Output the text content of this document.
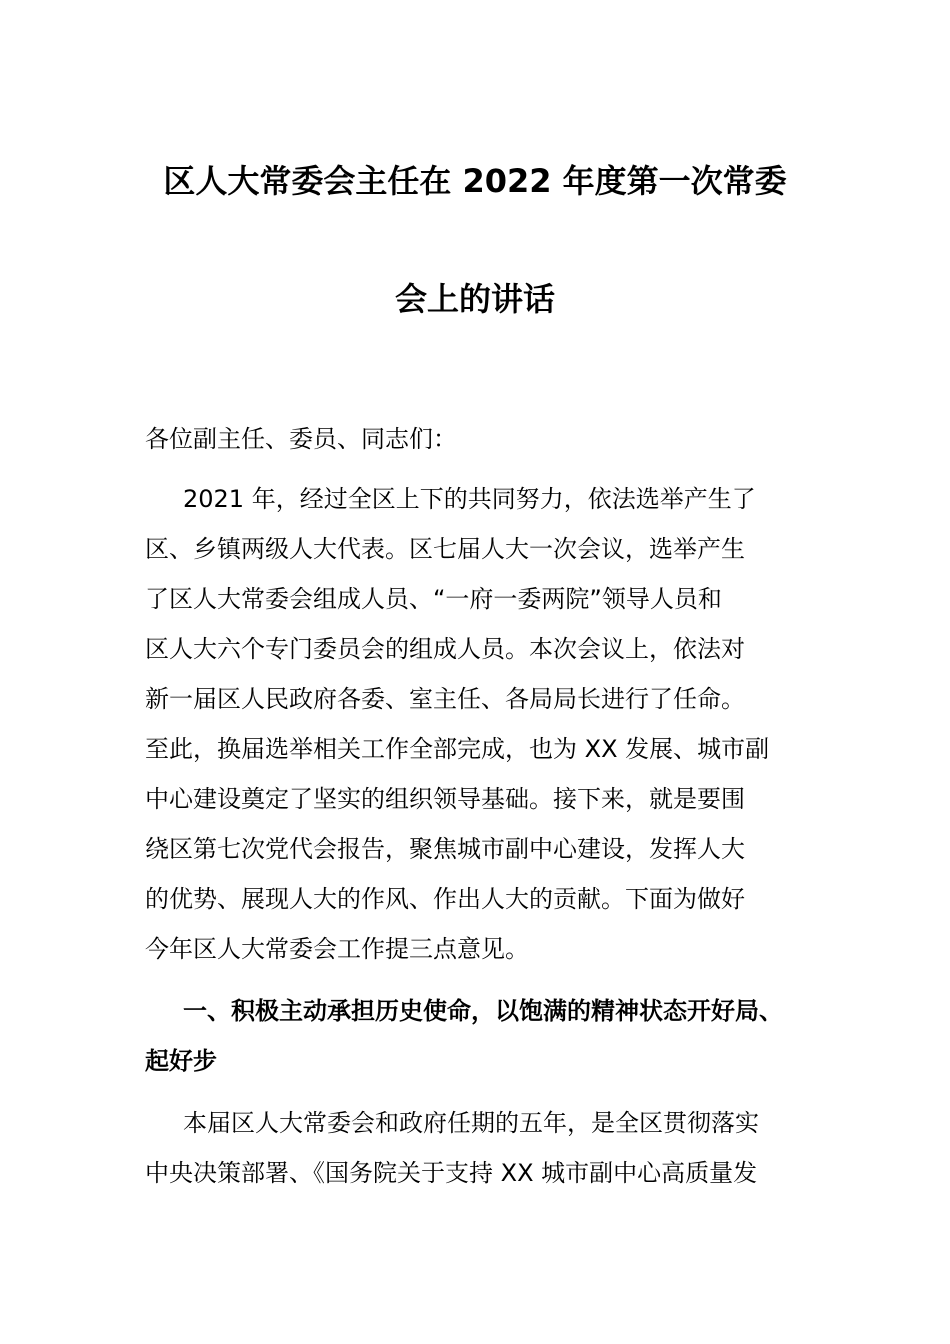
区人大常委会主任在 2022 年度第一次常委
会上的讲话
各位副主任、委员、同志们：
2021 年，经过全区上下的共同努力，依法选举产生了
区、乡镇两级人大代表。区七届人大一次会议，选举产生
了区人大常委会组成人员、“一府一委两院”领导人员和
区人大六个专门委员会的组成人员。本次会议上，依法对
新一届区人民政府各委、室主任、各局局长进行了任命。
至此，换届选举相关工作全部完成，也为 XX 发展、城市副
中心建设奠定了坚实的组织领导基础。接下来，就是要围
绕区第七次党代会报告，聚焦城市副中心建设，发挥人大
的优势、展现人大的作风、作出人大的贡献。下面为做好
今年区人大常委会工作提三点意见。
一、积极主动承担历史使命，以饱满的精神状态开好局、
起好步
本届区人大常委会和政府任期的五年，是全区贯彻落实
中央决策部署、《国务院关于支持 XX 城市副中心高质量发
